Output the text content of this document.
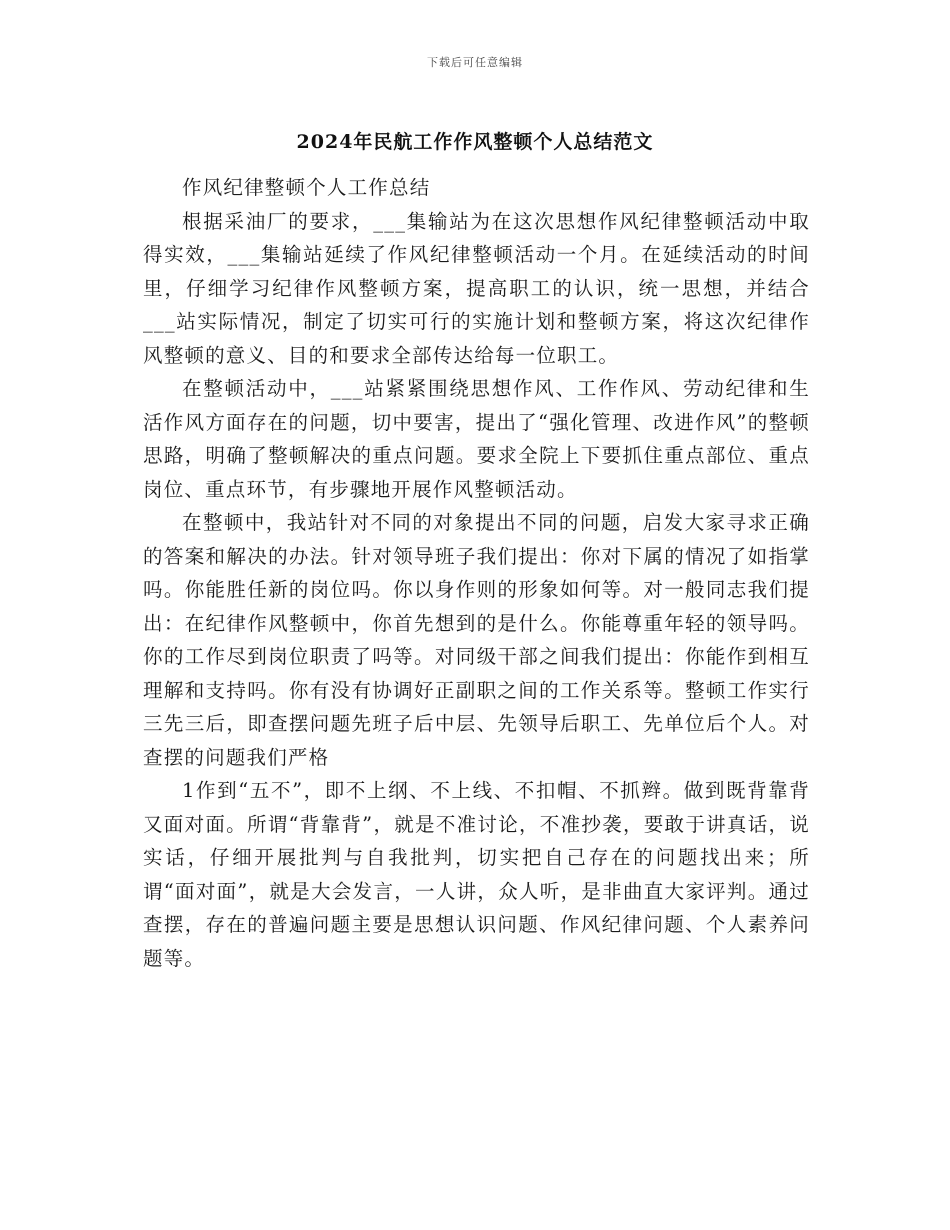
下载后可任意编辑
2024年民航工作作风整顿个人总结范文

作风纪律整顿个人工作总结

根据采油厂的要求，___集输站为在这次思想作风纪律整顿活动中取得实效，___集输站延续了作风纪律整顿活动一个月。在延续活动的时间里，仔细学习纪律作风整顿方案，提高职工的认识，统一思想，并结合___站实际情况，制定了切实可行的实施计划和整顿方案，将这次纪律作风整顿的意义、目的和要求全部传达给每一位职工。

在整顿活动中，___站紧紧围绕思想作风、工作作风、劳动纪律和生活作风方面存在的问题，切中要害，提出了“强化管理、改进作风”的整顿思路，明确了整顿解决的重点问题。要求全院上下要抓住重点部位、重点岗位、重点环节，有步骤地开展作风整顿活动。

在整顿中，我站针对不同的对象提出不同的问题，启发大家寻求正确的答案和解决的办法。针对领导班子我们提出：你对下属的情况了如指掌吗。你能胜任新的岗位吗。你以身作则的形象如何等。对一般同志我们提出：在纪律作风整顿中，你首先想到的是什么。你能尊重年轻的领导吗。你的工作尽到岗位职责了吗等。对同级干部之间我们提出：你能作到相互理解和支持吗。你有没有协调好正副职之间的工作关系等。整顿工作实行三先三后，即查摆问题先班子后中层、先领导后职工、先单位后个人。对查摆的问题我们严格

1作到“五不”，即不上纲、不上线、不扣帽、不抓辫。做到既背靠背又面对面。所谓“背靠背”，就是不准讨论，不准抄袭，要敢于讲真话，说实话，仔细开展批判与自我批判，切实把自己存在的问题找出来；所谓“面对面”，就是大会发言，一人讲，众人听，是非曲直大家评判。通过查摆，存在的普遍问题主要是思想认识问题、作风纪律问题、个人素养问题等。
